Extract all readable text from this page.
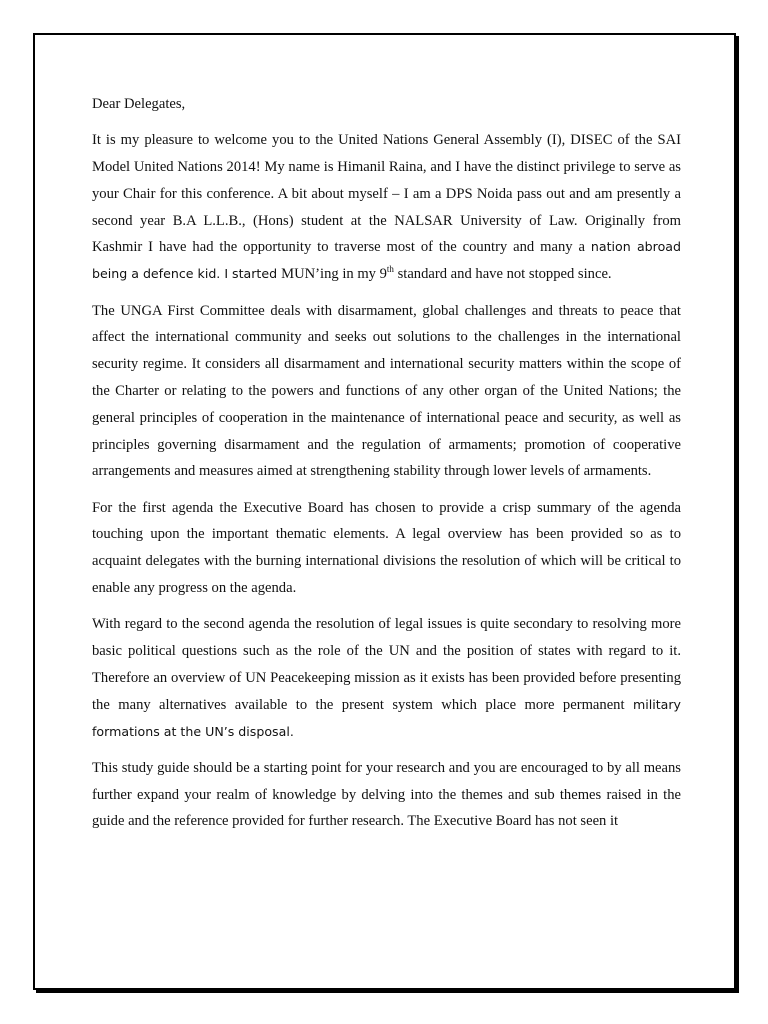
Dear Delegates,

It is my pleasure to welcome you to the United Nations General Assembly (I), DISEC of the SAI Model United Nations 2014! My name is Himanil Raina, and I have the distinct privilege to serve as your Chair for this conference. A bit about myself – I am a DPS Noida pass out and am presently a second year B.A L.L.B., (Hons) student at the NALSAR University of Law. Originally from Kashmir I have had the opportunity to traverse most of the country and many a nation abroad being a defence kid. I started MUN’ing in my 9th standard and have not stopped since.

The UNGA First Committee deals with disarmament, global challenges and threats to peace that affect the international community and seeks out solutions to the challenges in the international security regime. It considers all disarmament and international security matters within the scope of the Charter or relating to the powers and functions of any other organ of the United Nations; the general principles of cooperation in the maintenance of international peace and security, as well as principles governing disarmament and the regulation of armaments; promotion of cooperative arrangements and measures aimed at strengthening stability through lower levels of armaments.

For the first agenda the Executive Board has chosen to provide a crisp summary of the agenda touching upon the important thematic elements. A legal overview has been provided so as to acquaint delegates with the burning international divisions the resolution of which will be critical to enable any progress on the agenda.

With regard to the second agenda the resolution of legal issues is quite secondary to resolving more basic political questions such as the role of the UN and the position of states with regard to it. Therefore an overview of UN Peacekeeping mission as it exists has been provided before presenting the many alternatives available to the present system which place more permanent military formations at the UN’s disposal.

This study guide should be a starting point for your research and you are encouraged to by all means further expand your realm of knowledge by delving into the themes and sub themes raised in the guide and the reference provided for further research. The Executive Board has not seen it
